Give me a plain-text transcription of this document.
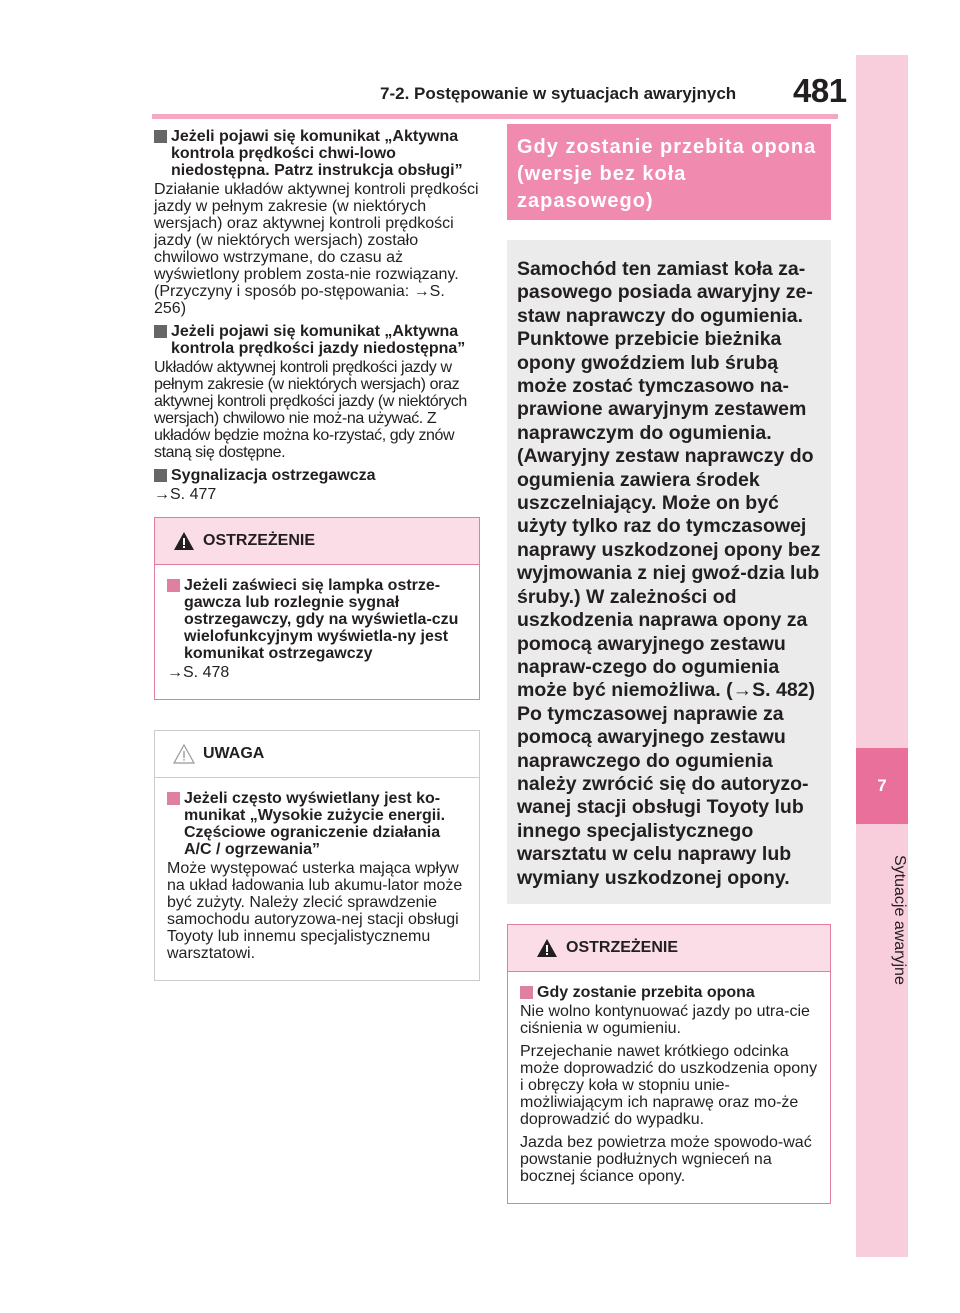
7-2. Postępowanie w sytuacjach awaryjnych 481
7
Sytuacje awaryjne
Jeżeli pojawi się komunikat „Aktywna kontrola prędkości chwi-lowo niedostępna. Patrz instrukcja obsługi”
Działanie układów aktywnej kontroli prędkości jazdy w pełnym zakresie (w niektórych wersjach) oraz aktywnej kontroli prędkości jazdy (w niektórych wersjach) zostało chwilowo wstrzymane, do czasu aż wyświetlony problem zosta-nie rozwiązany. (Przyczyny i sposób po-stępowania: →S. 256)
Jeżeli pojawi się komunikat „Aktywna kontrola prędkości jazdy niedostępna”
Układów aktywnej kontroli prędkości jazdy w pełnym zakresie (w niektórych wersjach) oraz aktywnej kontroli prędkości jazdy (w niektórych wersjach) chwilowo nie moż-na używać. Z układów będzie można ko-rzystać, gdy znów staną się dostępne.
Sygnalizacja ostrzegawcza
→S. 477
OSTRZEŻENIE
Jeżeli zaświeci się lampka ostrze-gawcza lub rozlegnie sygnał ostrzegawczy, gdy na wyświetla-czu wielofunkcyjnym wyświetla-ny jest komunikat ostrzegawczy
→S. 478
UWAGA
Jeżeli często wyświetlany jest ko-munikat „Wysokie zużycie energii. Częściowe ograniczenie działania A/C / ogrzewania”
Może występować usterka mająca wpływ na układ ładowania lub akumu-lator może być zużyty. Należy zlecić sprawdzenie samochodu autoryzowa-nej stacji obsługi Toyoty lub innemu specjalistycznemu warsztatowi.
Gdy zostanie przebita opona (wersje bez koła zapasowego)
Samochód ten zamiast koła za-pasowego posiada awaryjny ze-staw naprawczy do ogumienia. Punktowe przebicie bieżnika opony gwoździem lub śrubą może zostać tymczasowo na-prawione awaryjnym zestawem naprawczym do ogumienia. (Awaryjny zestaw naprawczy do ogumienia zawiera środek uszczelniający. Może on być użyty tylko raz do tymczasowej naprawy uszkodzonej opony bez wyjmowania z niej gwoź-dzia lub śruby.) W zależności od uszkodzenia naprawa opony za pomocą awaryjnego zestawu napraw-czego do ogumienia może być niemożliwa. (→S. 482) Po tymczasowej naprawie za pomocą awaryjnego zestawu naprawczego do ogumienia należy zwrócić się do autoryzo-wanej stacji obsługi Toyoty lub innego specjalistycznego warsztatu w celu naprawy lub wymiany uszkodzonej opony.
OSTRZEŻENIE
Gdy zostanie przebita opona
Nie wolno kontynuować jazdy po utra-cie ciśnienia w ogumieniu.
Przejechanie nawet krótkiego odcinka może doprowadzić do uszkodzenia opony i obręczy koła w stopniu unie-możliwiającym ich naprawę oraz mo-że doprowadzić do wypadku.
Jazda bez powietrza może spowodo-wać powstanie podłużnych wgnieceń na bocznej ściance opony.
